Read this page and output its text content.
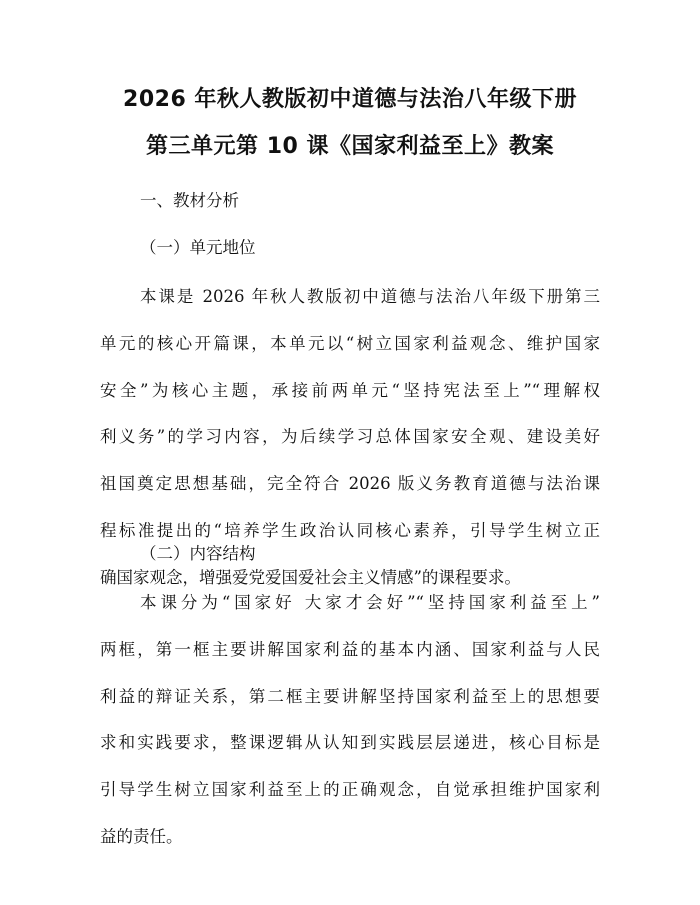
2026 年秋人教版初中道德与法治八年级下册
第三单元第 10 课《国家利益至上》教案
一、教材分析
（一）单元地位
本课是 2026 年秋人教版初中道德与法治八年级下册第三
单元的核心开篇课，本单元以“树立国家利益观念、维护国家
安全”为核心主题，承接前两单元“坚持宪法至上”“理解权
利义务”的学习内容，为后续学习总体国家安全观、建设美好
祖国奠定思想基础，完全符合 2026 版义务教育道德与法治课
程标准提出的“培养学生政治认同核心素养，引导学生树立正
确国家观念，增强爱党爱国爱社会主义情感”的课程要求。
（二）内容结构
本课分为“国家好 大家才会好”“坚持国家利益至上”
两框，第一框主要讲解国家利益的基本内涵、国家利益与人民
利益的辩证关系，第二框主要讲解坚持国家利益至上的思想要
求和实践要求，整课逻辑从认知到实践层层递进，核心目标是
引导学生树立国家利益至上的正确观念，自觉承担维护国家利
益的责任。
